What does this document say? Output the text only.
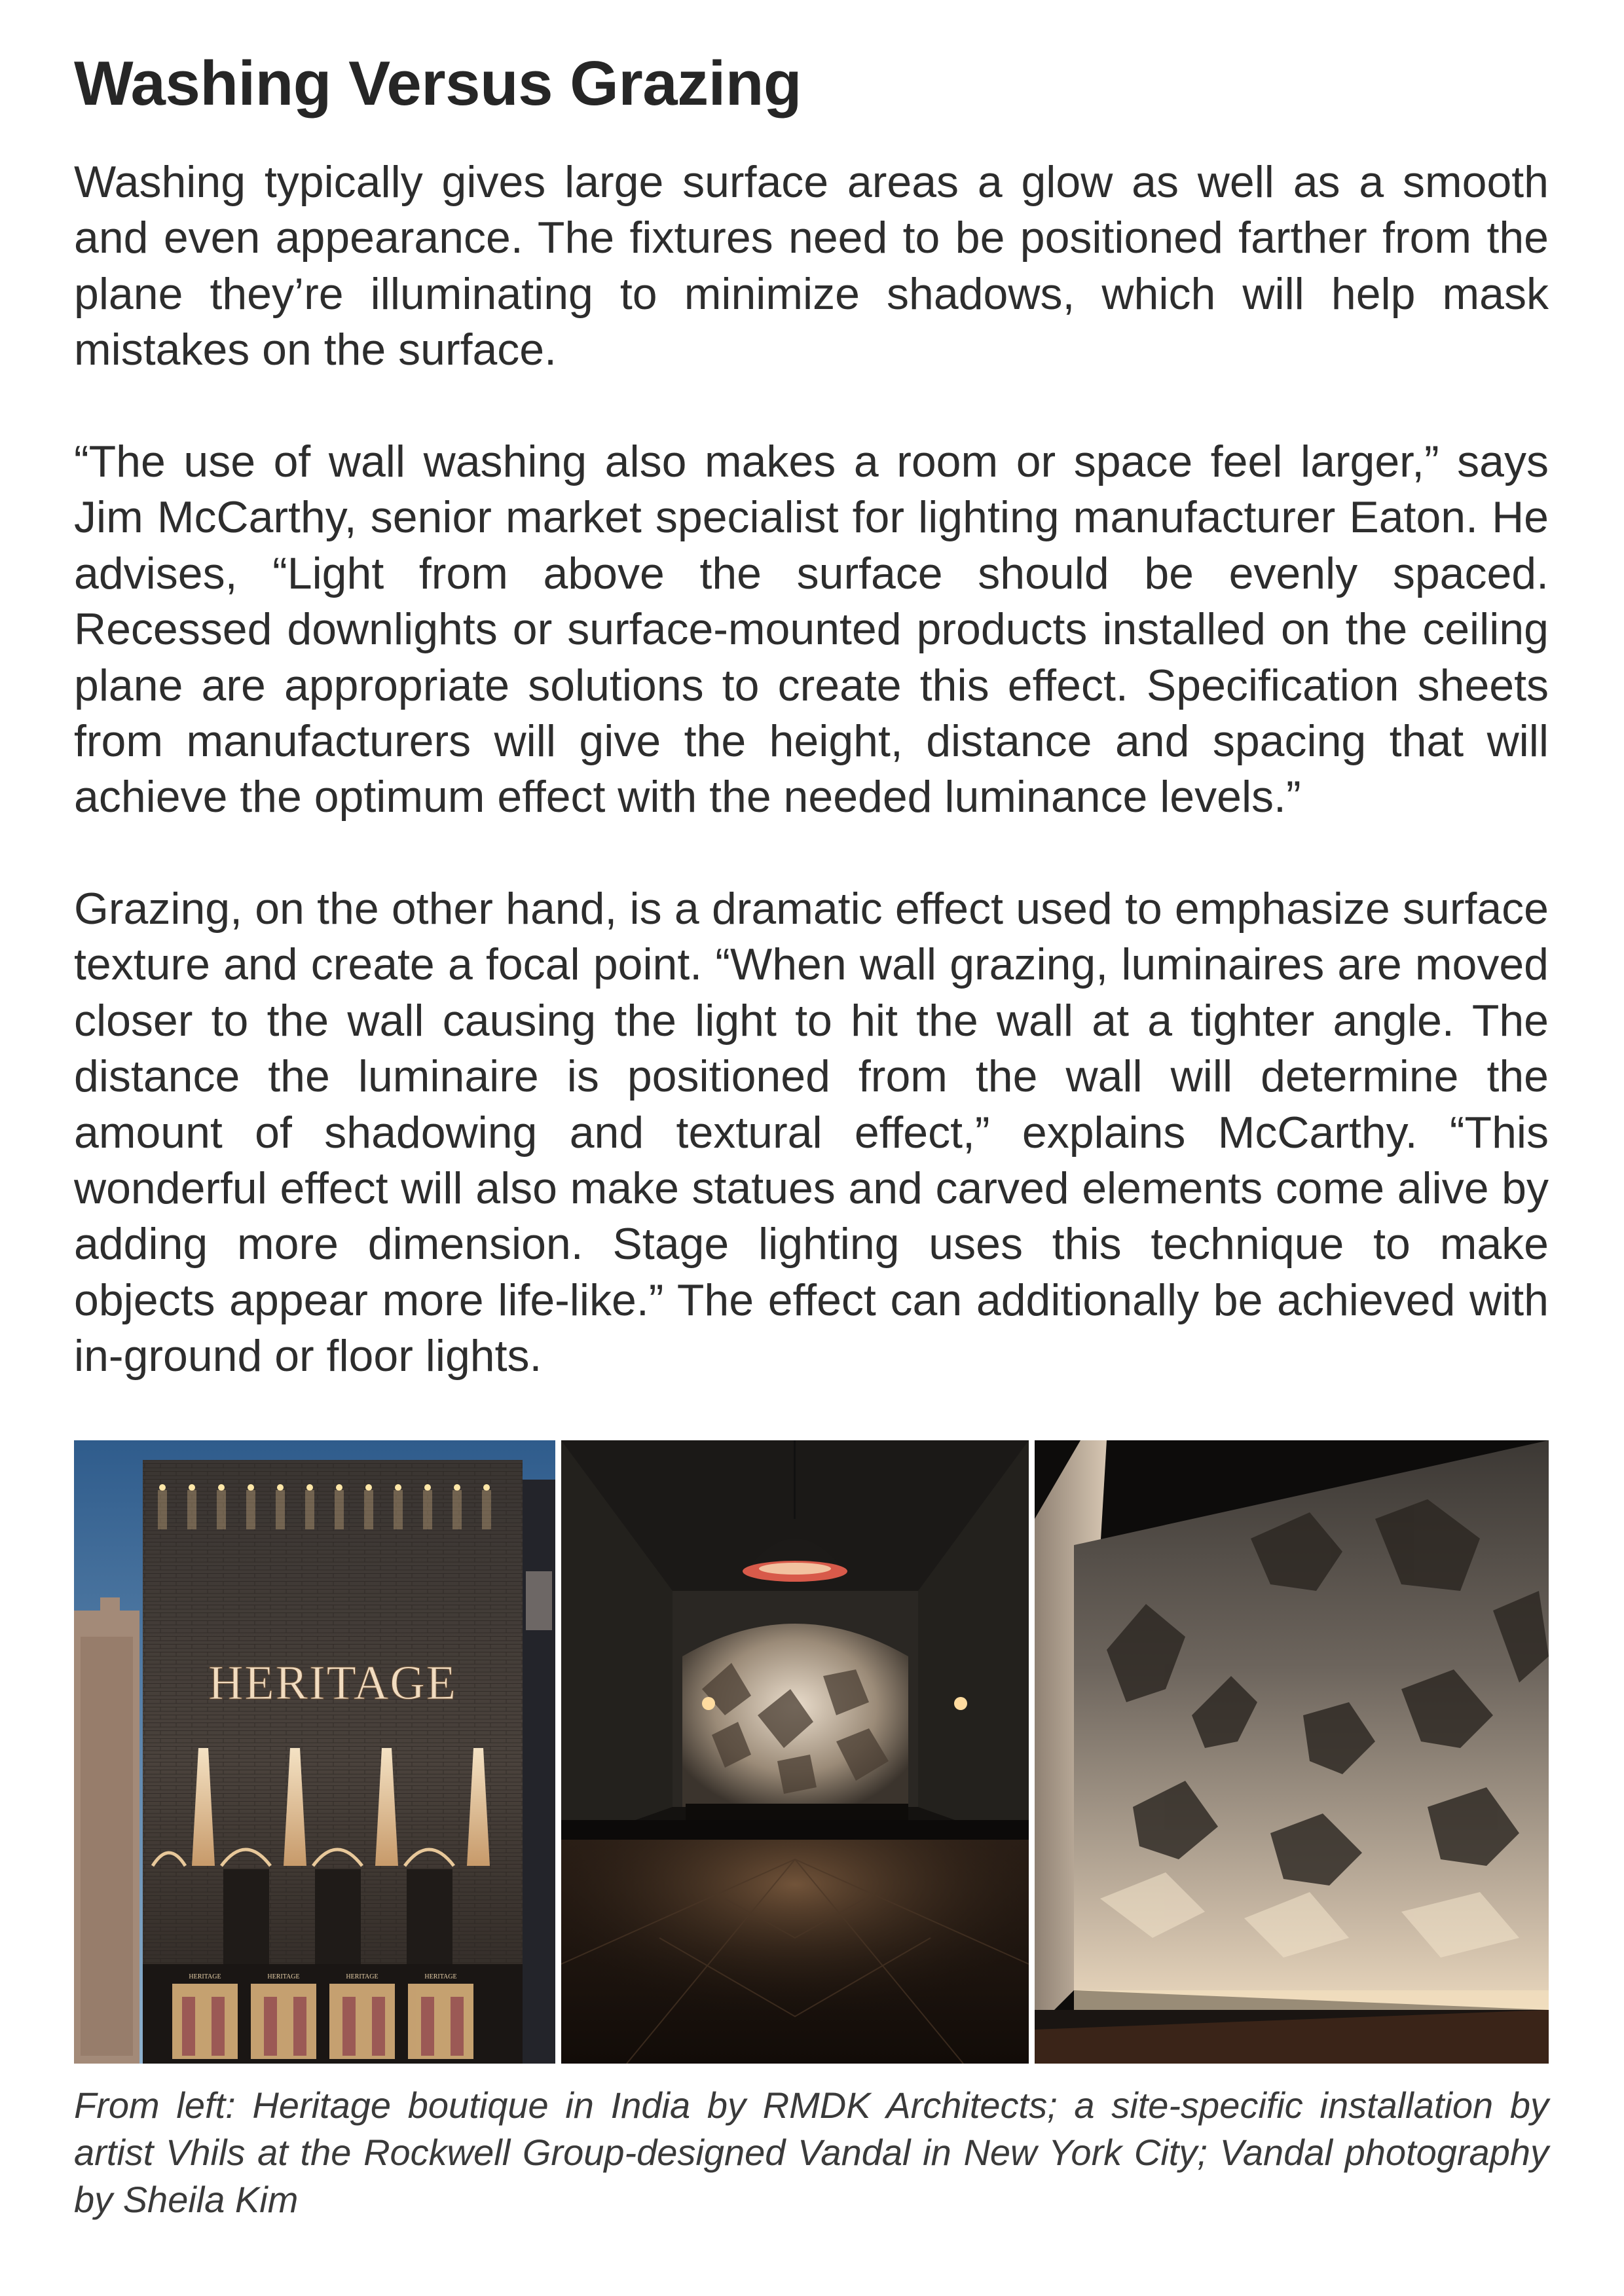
Washing Versus Grazing

Washing typically gives large surface areas a glow as well as a smooth and even appearance. The fixtures need to be positioned farther from the plane they’re illuminating to minimize shadows, which will help mask mistakes on the surface.

“The use of wall washing also makes a room or space feel larger,” says Jim McCarthy, senior market specialist for lighting manufacturer Eaton. He advises, “Light from above the surface should be evenly spaced. Recessed downlights or surface-mounted products installed on the ceiling plane are appropriate solutions to create this effect. Specification sheets from manufacturers will give the height, distance and spacing that will achieve the optimum effect with the needed luminance levels.”

Grazing, on the other hand, is a dramatic effect used to emphasize surface texture and create a focal point. “When wall grazing, luminaires are moved closer to the wall causing the light to hit the wall at a tighter angle. The distance the luminaire is positioned from the wall will determine the amount of shadowing and textural effect,” explains McCarthy. “This wonderful effect will also make statues and carved elements come alive by adding more dimension. Stage lighting uses this technique to make objects appear more life-like.” The effect can additionally be achieved with in-ground or floor lights.

HERITAGE
HERITAGE	HERITAGE	HERITAGE	HERITAGE

From left: Heritage boutique in India by RMDK Architects; a site-specific installation by artist Vhils at the Rockwell Group-designed Vandal in New York City; Vandal photography by Sheila Kim
